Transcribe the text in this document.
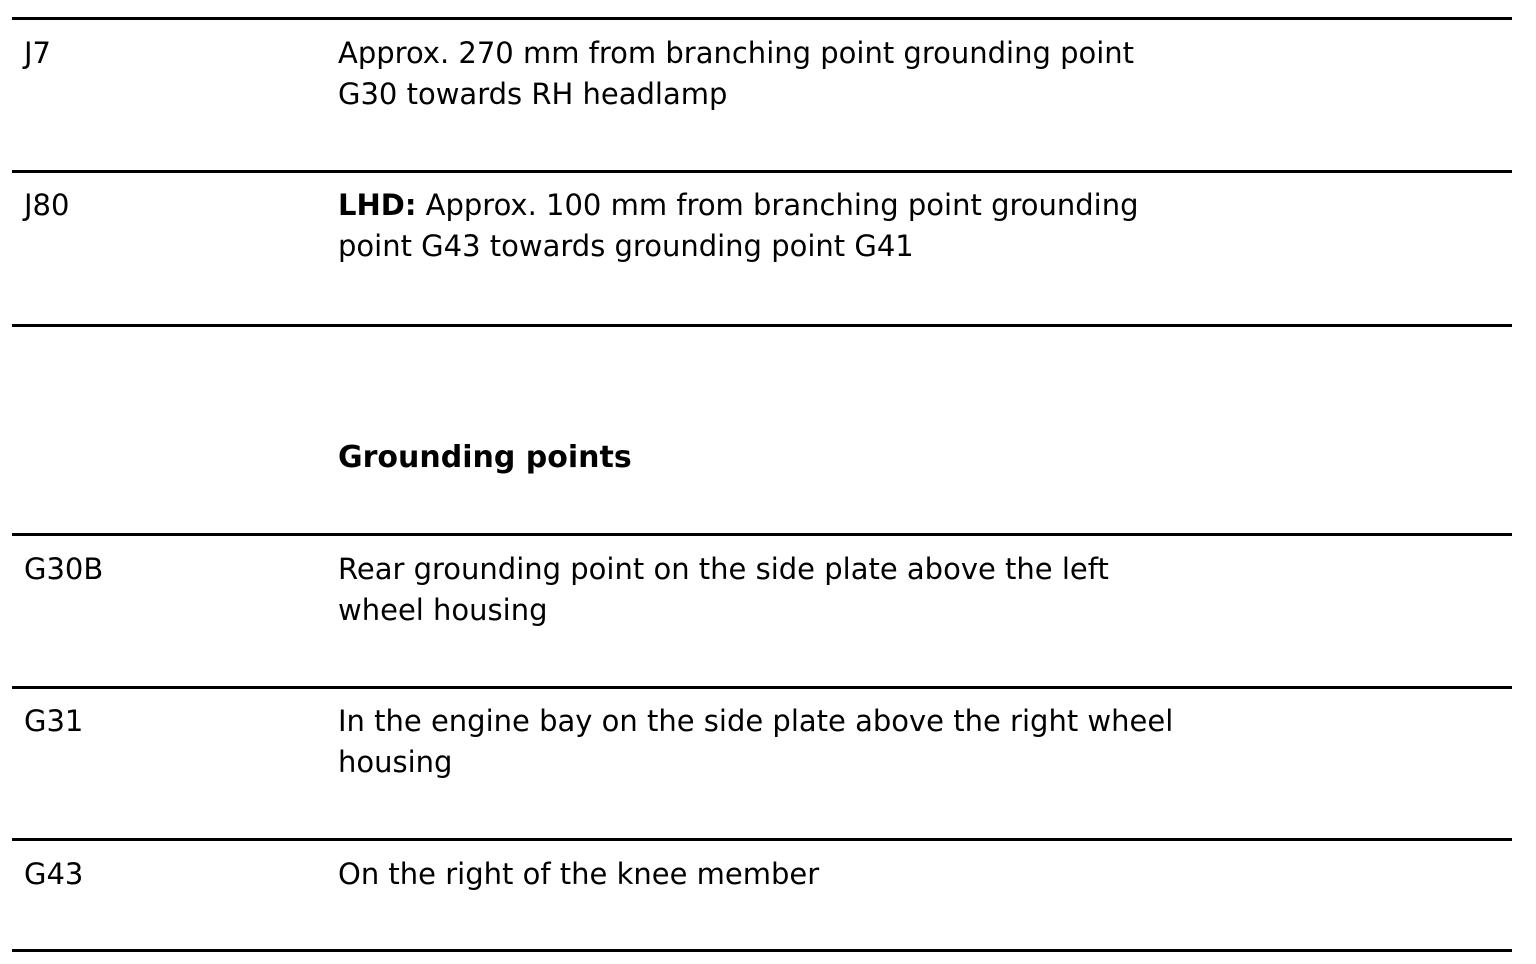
J7	Approx. 270 mm from branching point grounding point
G30 towards RH headlamp
J80	LHD: Approx. 100 mm from branching point grounding
point G43 towards grounding point G41
Grounding points
G30B	Rear grounding point on the side plate above the left
wheel housing
G31	In the engine bay on the side plate above the right wheel
housing
G43	On the right of the knee member
